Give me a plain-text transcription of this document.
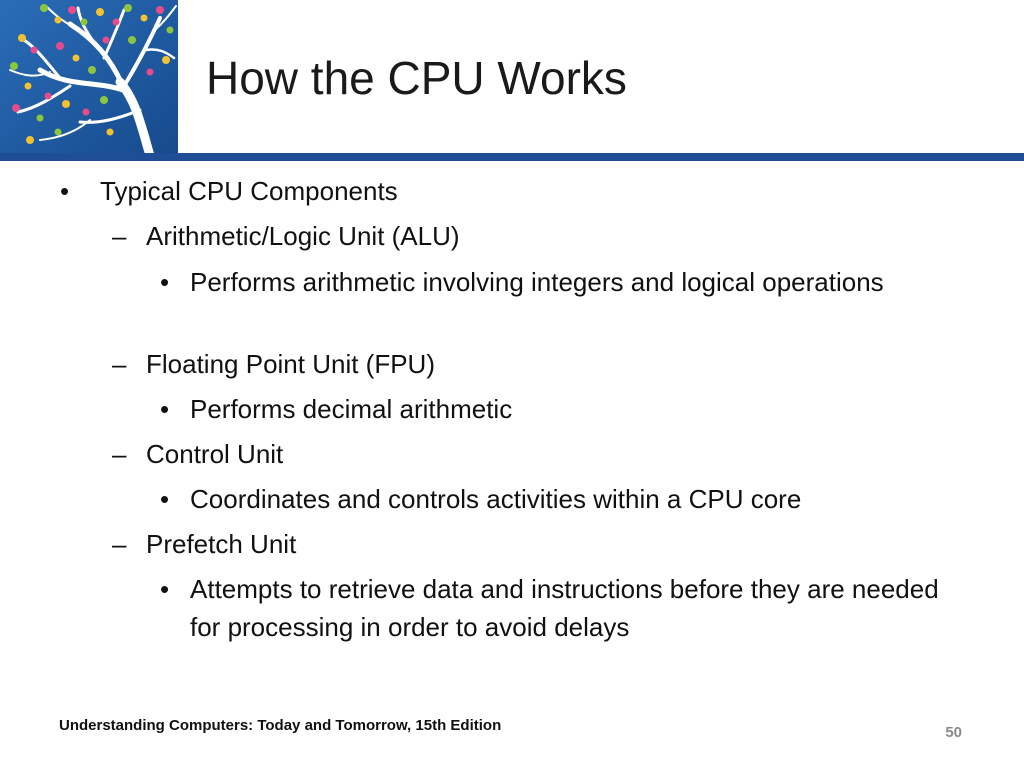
How the CPU Works
•	Typical CPU Components
– Arithmetic/Logic Unit (ALU)
• Performs arithmetic involving integers and logical operations
– Floating Point Unit (FPU)
• Performs decimal arithmetic
– Control Unit
• Coordinates and controls activities within a CPU core
– Prefetch Unit
• Attempts to retrieve data and instructions before they are needed for processing in order to avoid delays
Understanding Computers: Today and Tomorrow, 15th Edition	50
